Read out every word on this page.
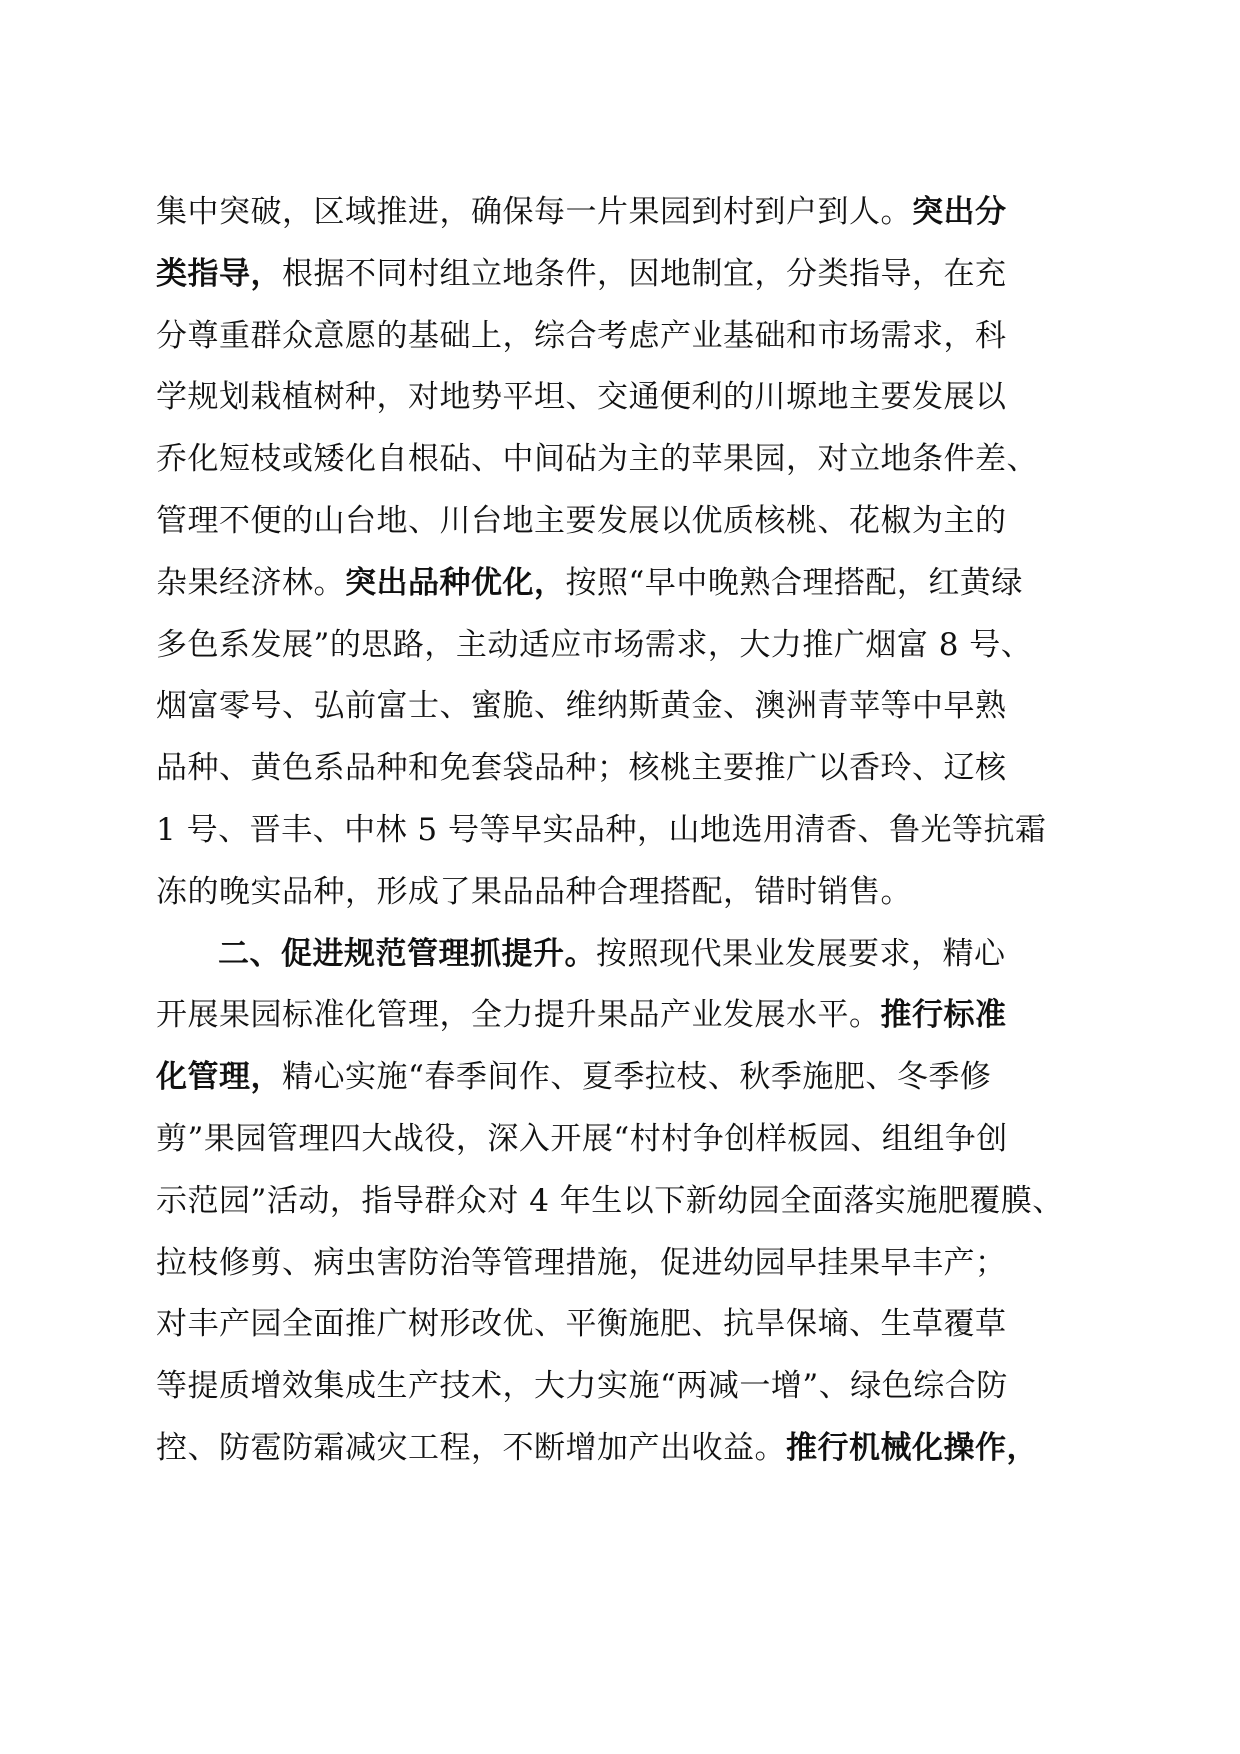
集中突破，区域推进，确保每一片果园到村到户到人。突出分
类指导，根据不同村组立地条件，因地制宜，分类指导，在充
分尊重群众意愿的基础上，综合考虑产业基础和市场需求，科
学规划栽植树种，对地势平坦、交通便利的川塬地主要发展以
乔化短枝或矮化自根砧、中间砧为主的苹果园，对立地条件差、
管理不便的山台地、川台地主要发展以优质核桃、花椒为主的
杂果经济林。突出品种优化，按照“早中晚熟合理搭配，红黄绿
多色系发展”的思路，主动适应市场需求，大力推广烟富 8 号、
烟富零号、弘前富士、蜜脆、维纳斯黄金、澳洲青苹等中早熟
品种、黄色系品种和免套袋品种；核桃主要推广以香玲、辽核
1 号、晋丰、中林 5 号等早实品种，山地选用清香、鲁光等抗霜
冻的晚实品种，形成了果品品种合理搭配，错时销售。
二、促进规范管理抓提升。按照现代果业发展要求，精心
开展果园标准化管理，全力提升果品产业发展水平。推行标准
化管理，精心实施“春季间作、夏季拉枝、秋季施肥、冬季修
剪”果园管理四大战役，深入开展“村村争创样板园、组组争创
示范园”活动，指导群众对 4 年生以下新幼园全面落实施肥覆膜、
拉枝修剪、病虫害防治等管理措施，促进幼园早挂果早丰产；
对丰产园全面推广树形改优、平衡施肥、抗旱保墒、生草覆草
等提质增效集成生产技术，大力实施“两减一增”、绿色综合防
控、防雹防霜减灾工程，不断增加产出收益。推行机械化操作，
